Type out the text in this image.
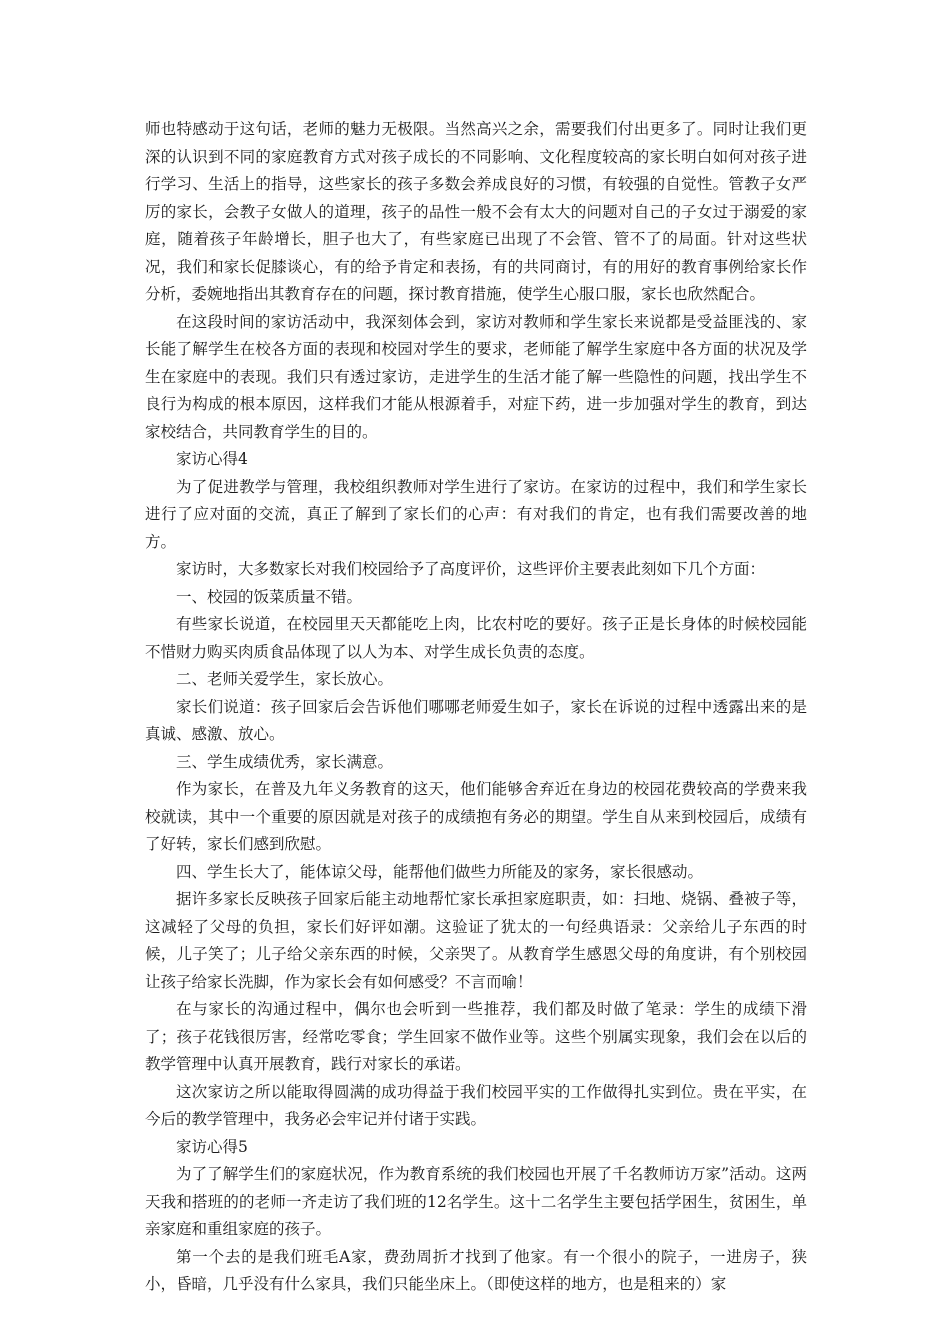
师也特感动于这句话，老师的魅力无极限。当然高兴之余，需要我们付出更多了。同时让我们更深的认识到不同的家庭教育方式对孩子成长的不同影响、文化程度较高的家长明白如何对孩子进行学习、生活上的指导，这些家长的孩子多数会养成良好的习惯，有较强的自觉性。管教子女严厉的家长，会教子女做人的道理，孩子的品性一般不会有太大的问题对自己的子女过于溺爱的家庭，随着孩子年龄增长，胆子也大了，有些家庭已出现了不会管、管不了的局面。针对这些状况，我们和家长促膝谈心，有的给予肯定和表扬，有的共同商讨，有的用好的教育事例给家长作分析，委婉地指出其教育存在的问题，探讨教育措施，使学生心服口服，家长也欣然配合。

在这段时间的家访活动中，我深刻体会到，家访对教师和学生家长来说都是受益匪浅的、家长能了解学生在校各方面的表现和校园对学生的要求，老师能了解学生家庭中各方面的状况及学生在家庭中的表现。我们只有透过家访，走进学生的生活才能了解一些隐性的问题，找出学生不良行为构成的根本原因，这样我们才能从根源着手，对症下药，进一步加强对学生的教育，到达家校结合，共同教育学生的目的。

家访心得4

为了促进教学与管理，我校组织教师对学生进行了家访。在家访的过程中，我们和学生家长进行了应对面的交流，真正了解到了家长们的心声：有对我们的肯定，也有我们需要改善的地方。

家访时，大多数家长对我们校园给予了高度评价，这些评价主要表此刻如下几个方面：

一、校园的饭菜质量不错。

有些家长说道，在校园里天天都能吃上肉，比农村吃的要好。孩子正是长身体的时候校园能不惜财力购买肉质食品体现了以人为本、对学生成长负责的态度。

二、老师关爱学生，家长放心。

家长们说道：孩子回家后会告诉他们哪哪老师爱生如子，家长在诉说的过程中透露出来的是真诚、感激、放心。

三、学生成绩优秀，家长满意。

作为家长，在普及九年义务教育的这天，他们能够舍弃近在身边的校园花费较高的学费来我校就读，其中一个重要的原因就是对孩子的成绩抱有务必的期望。学生自从来到校园后，成绩有了好转，家长们感到欣慰。

四、学生长大了，能体谅父母，能帮他们做些力所能及的家务，家长很感动。

据许多家长反映孩子回家后能主动地帮忙家长承担家庭职责，如：扫地、烧锅、叠被子等，这减轻了父母的负担，家长们好评如潮。这验证了犹太的一句经典语录：父亲给儿子东西的时候，儿子笑了；儿子给父亲东西的时候，父亲哭了。从教育学生感恩父母的角度讲，有个别校园让孩子给家长洗脚，作为家长会有如何感受？不言而喻！

在与家长的沟通过程中，偶尔也会听到一些推荐，我们都及时做了笔录：学生的成绩下滑了；孩子花钱很厉害，经常吃零食；学生回家不做作业等。这些个别属实现象，我们会在以后的教学管理中认真开展教育，践行对家长的承诺。

这次家访之所以能取得圆满的成功得益于我们校园平实的工作做得扎实到位。贵在平实，在今后的教学管理中，我务必会牢记并付诸于实践。

家访心得5

为了了解学生们的家庭状况，作为教育系统的我们校园也开展了千名教师访万家”活动。这两天我和搭班的的老师一齐走访了我们班的12名学生。这十二名学生主要包括学困生，贫困生，单亲家庭和重组家庭的孩子。

第一个去的是我们班毛A家，费劲周折才找到了他家。有一个很小的院子，一进房子，狭小，昏暗，几乎没有什么家具，我们只能坐床上。（即使这样的地方，也是租来的）家
